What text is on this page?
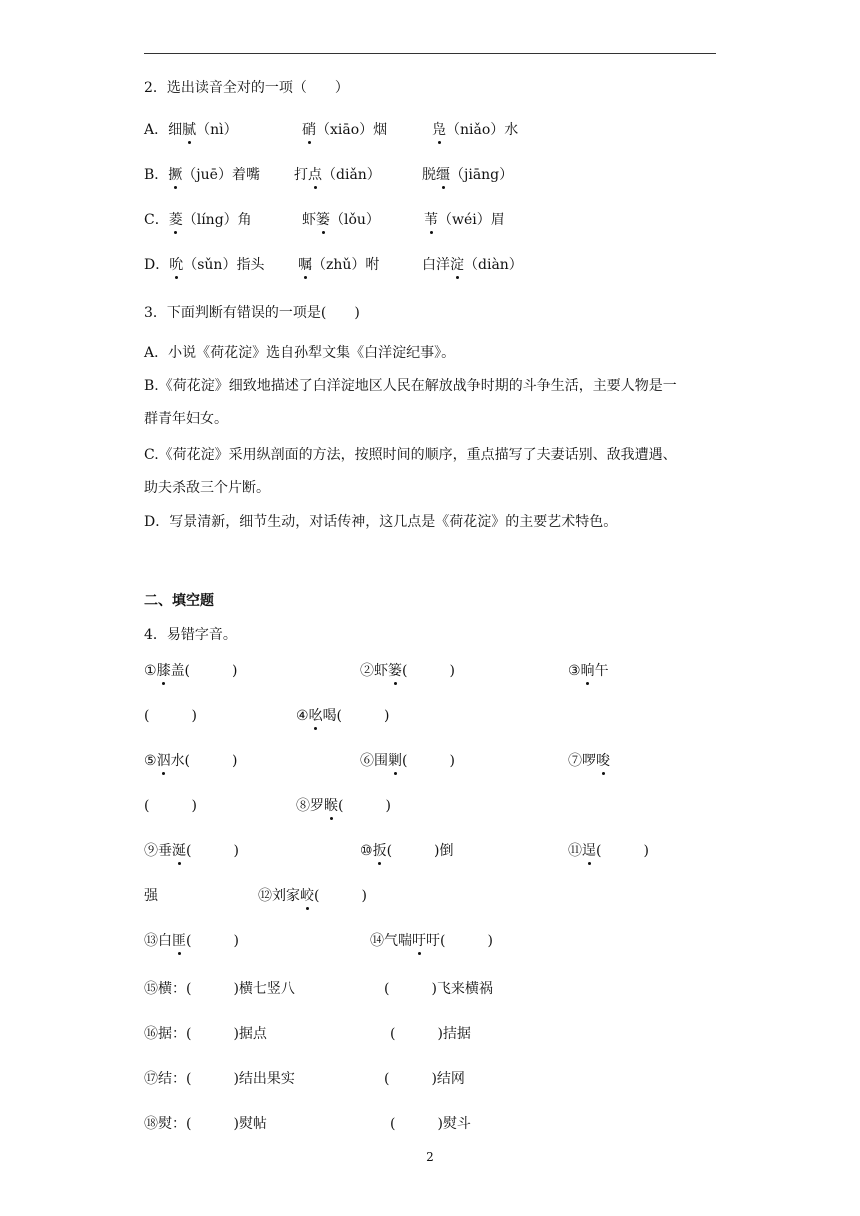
2．选出读音全对的一项（　　）
A．细腻（nì）	硝（xiāo）烟	凫（niǎo）水
B．撅（juē）着嘴 打点（diǎn）	脱缰（jiāng）
C．菱（líng）角	虾篓（lǒu）	苇（wéi）眉
D．吮（sǔn）指头 嘱（zhǔ）咐	白洋淀（diàn）
3．下面判断有错误的一项是(　　)
A．小说《荷花淀》选自孙犁文集《白洋淀纪事》。
B.《荷花淀》细致地描述了白洋淀地区人民在解放战争时期的斗争生活，主要人物是一
群青年妇女。
C.《荷花淀》采用纵剖面的方法，按照时间的顺序，重点描写了夫妻话别、敌我遭遇、
助夫杀敌三个片断。
D．写景清新，细节生动，对话传神，这几点是《荷花淀》的主要艺术特色。
二、填空题
4．易错字音。
①膝盖(　　　)	②虾篓(　　　)	③晌午
(　　　)	④吆喝(　　　)
⑤泅水(　　　)	⑥围剿(　　　)	⑦啰唆
(　　　)	⑧罗睺(　　　)
⑨垂涎(　　　)	⑩扳(　　　)倒	⑪逞(　　　)
强	⑫刘家峧(　　　)
⑬白匪(　　　)	⑭气喘吁吁(　　　)
⑮横：(　　　)横七竖八	(　　　)飞来横祸
⑯据：(　　　)据点	(　　　)拮据
⑰结：(　　　)结出果实	(　　　)结网
⑱熨：(　　　)熨帖	(　　　)熨斗
2
